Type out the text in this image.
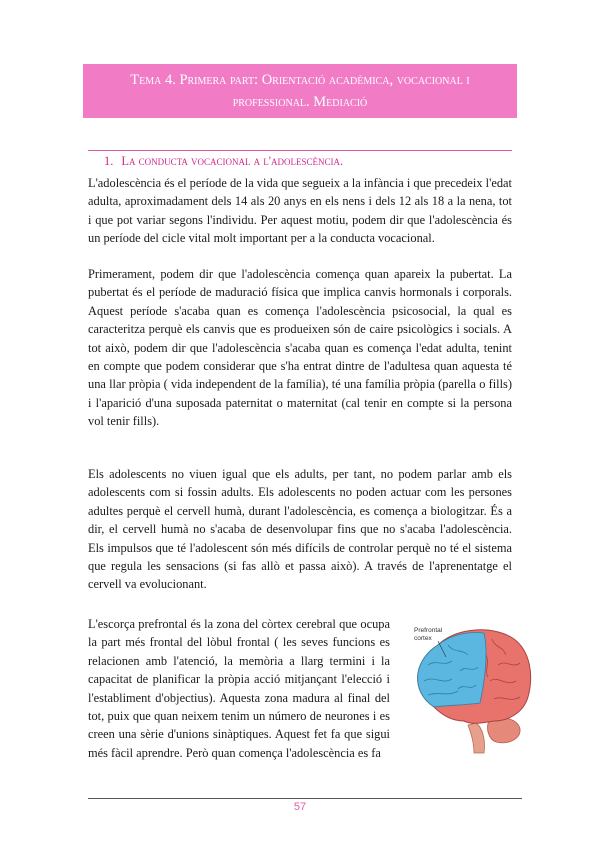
Tema 4. Primera part: Orientació acadèmica, vocacional i professional. Mediació
1. La conducta vocacional a l'adolescència.

L'adolescència és el període de la vida que segueix a la infància i que precedeix l'edat adulta, aproximadament dels 14 als 20 anys en els nens i dels 12 als 18 a la nena, tot i que pot variar segons l'individu. Per aquest motiu, podem dir que l'adolescència és un període del cicle vital molt important per a la conducta vocacional.

Primerament, podem dir que l'adolescència comença quan apareix la pubertat. La pubertat és el període de maduració física que implica canvis hormonals i corporals. Aquest període s'acaba quan es comença l'adolescència psicosocial, la qual es caracteritza perquè els canvis que es produeixen són de caire psicològics i socials. A tot això, podem dir que l'adolescència s'acaba quan es comença l'edat adulta, tenint en compte que podem considerar que s'ha entrat dintre de l'adultesa quan aquesta té una llar pròpia ( vida independent de la família), té una família pròpia (parella o fills) i l'aparició d'una suposada paternitat o maternitat (cal tenir en compte si la persona vol tenir fills).

Els adolescents no viuen igual que els adults, per tant, no podem parlar amb els adolescents com si fossin adults. Els adolescents no poden actuar com les persones adultes perquè el cervell humà, durant l'adolescència, es comença a biologitzar. És a dir, el cervell humà no s'acaba de desenvolupar fins que no s'acaba l'adolescència. Els impulsos que té l'adolescent són més difícils de controlar perquè no té el sistema que regula les sensacions (si fas allò et passa això). A través de l'aprenentatge el cervell va evolucionant.

L'escorça prefrontal és la zona del còrtex cerebral que ocupa la part més frontal del lòbul frontal ( les seves funcions es relacionen amb l'atenció, la memòria a llarg termini i la capacitat de planificar la pròpia acció mitjançant l'elecció i l'establiment d'objectius). Aquesta zona madura al final del tot, puix que quan neixem tenim un número de neurones i es creen una sèrie d'unions sinàptiques. Aquest fet fa que sigui més fàcil aprendre. Però quan comença l'adolescència es fa

Prefrontal cortex
57
